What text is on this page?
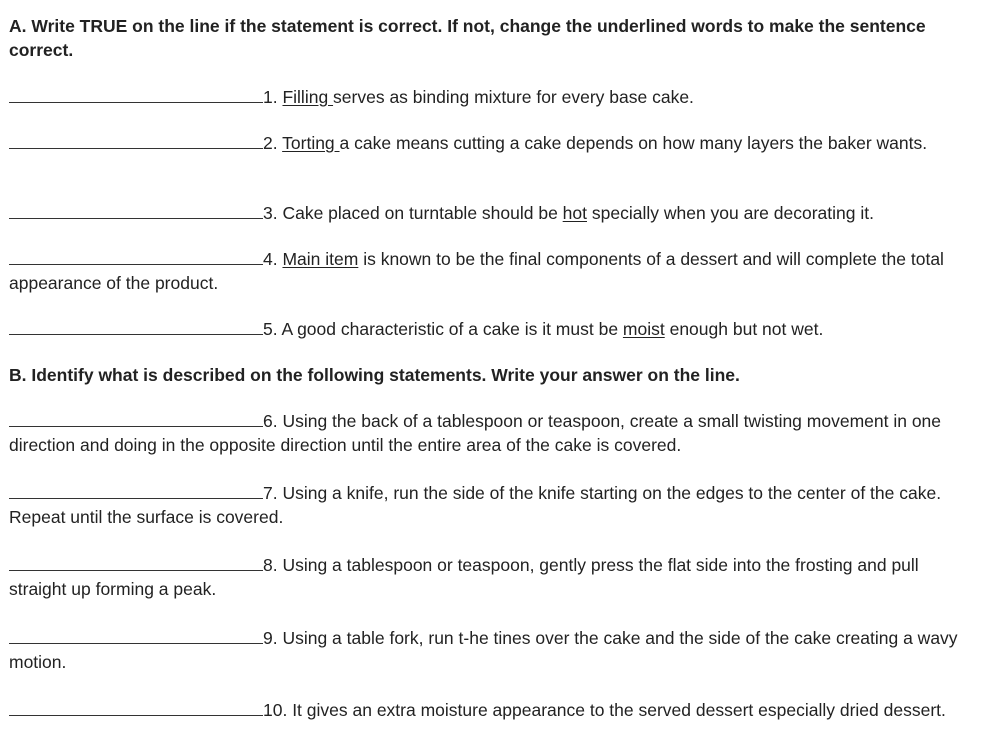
A. Write TRUE on the line if the statement is correct. If not, change the underlined words to make the sentence correct.
1. Filling serves as binding mixture for every base cake.
2. Torting a cake means cutting a cake depends on how many layers the baker wants.
3. Cake placed on turntable should be hot specially when you are decorating it.
4. Main item is known to be the final components of a dessert and will complete the total appearance of the product.
5. A good characteristic of a cake is it must be moist enough but not wet.
B. Identify what is described on the following statements. Write your answer on the line.
6. Using the back of a tablespoon or teaspoon, create a small twisting movement in one direction and doing in the opposite direction until the entire area of the cake is covered.
7. Using a knife, run the side of the knife starting on the edges to the center of the cake. Repeat until the surface is covered.
8. Using a tablespoon or teaspoon, gently press the flat side into the frosting and pull straight up forming a peak.
9. Using a table fork, run t-he tines over the cake and the side of the cake creating a wavy motion.
10. It gives an extra moisture appearance to the served dessert especially dried dessert.
